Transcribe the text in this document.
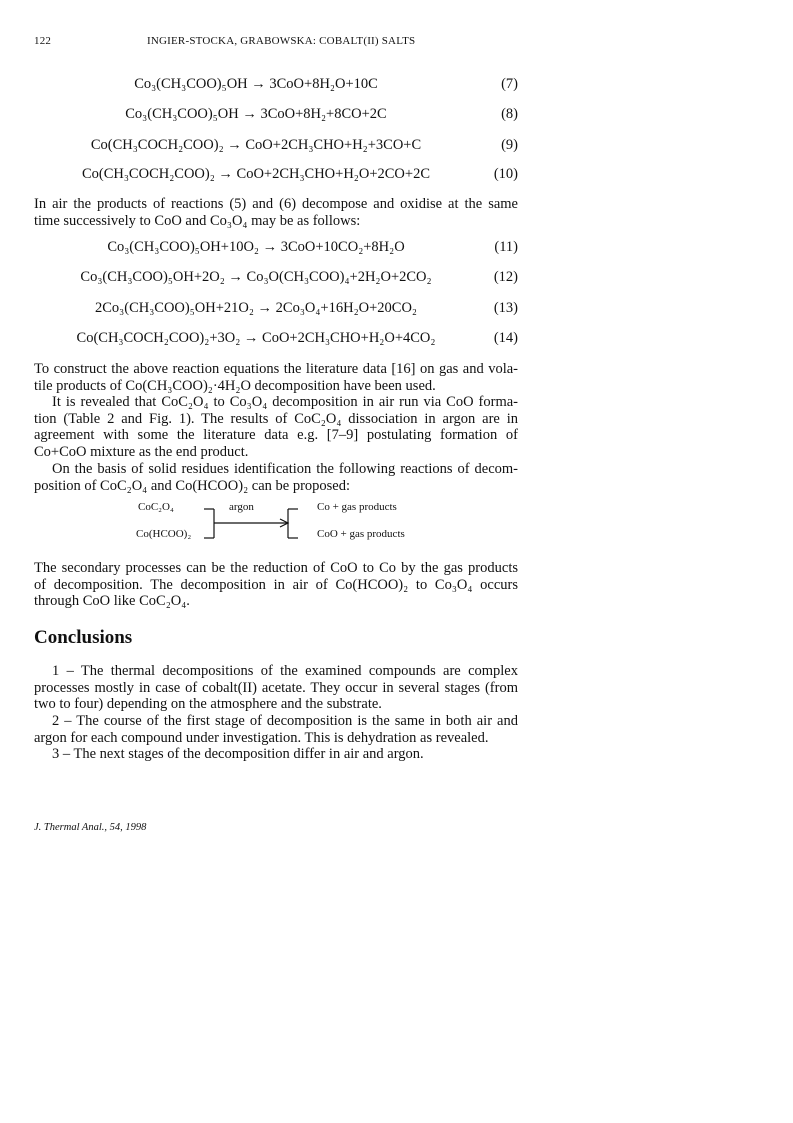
122	INGIER-STOCKA, GRABOWSKA: COBALT(II) SALTS
Co₃(CH₃COO)₅OH → 3CoO+8H₂O+10C	(7)
Co₃(CH₃COO)₅OH → 3CoO+8H₂+8CO+2C	(8)
Co(CH₃COCH₂COO)₂ → CoO+2CH₃CHO+H₂+3CO+C	(9)
Co(CH₃COCH₂COO)₂ → CoO+2CH₃CHO+H₂O+2CO+2C	(10)
In air the products of reactions (5) and (6) decompose and oxidise at the same
time successively to CoO and Co₃O₄ may be as follows:
Co₃(CH₃COO)₅OH+10O₂ → 3CoO+10CO₂+8H₂O	(11)
Co₃(CH₃COO)₅OH+2O₂ → Co₃O(CH₃COO)₄+2H₂O+2CO₂	(12)
2Co₃(CH₃COO)₅OH+21O₂ → 2Co₃O₄+16H₂O+20CO₂	(13)
Co(CH₃COCH₂COO)₂+3O₂ → CoO+2CH₃CHO+H₂O+4CO₂	(14)
To construct the above reaction equations the literature data [16] on gas and vola-
tile products of Co(CH₃COO)₂·4H₂O decomposition have been used.
It is revealed that CoC₂O₄ to Co₃O₄ decomposition in air run via CoO forma-
tion (Table 2 and Fig. 1). The results of CoC₂O₄ dissociation in argon are in
agreement with some the literature data e.g. [7–9] postulating formation of
Co+CoO mixture as the end product.
On the basis of solid residues identification the following reactions of decom-
position of CoC₂O₄ and Co(HCOO)₂ can be proposed:
CoC₂O₄
Co(HCOO)₂
argon	Co + gas products
CoO + gas products
The secondary processes can be the reduction of CoO to Co by the gas products
of decomposition. The decomposition in air of Co(HCOO)₂ to Co₃O₄ occurs
through CoO like CoC₂O₄.
Conclusions
1 – The thermal decompositions of the examined compounds are complex
processes mostly in case of cobalt(II) acetate. They occur in several stages (from
two to four) depending on the atmosphere and the substrate.
2 – The course of the first stage of decomposition is the same in both air and
argon for each compound under investigation. This is dehydration as revealed.
3 – The next stages of the decomposition differ in air and argon.
J. Thermal Anal., 54, 1998
